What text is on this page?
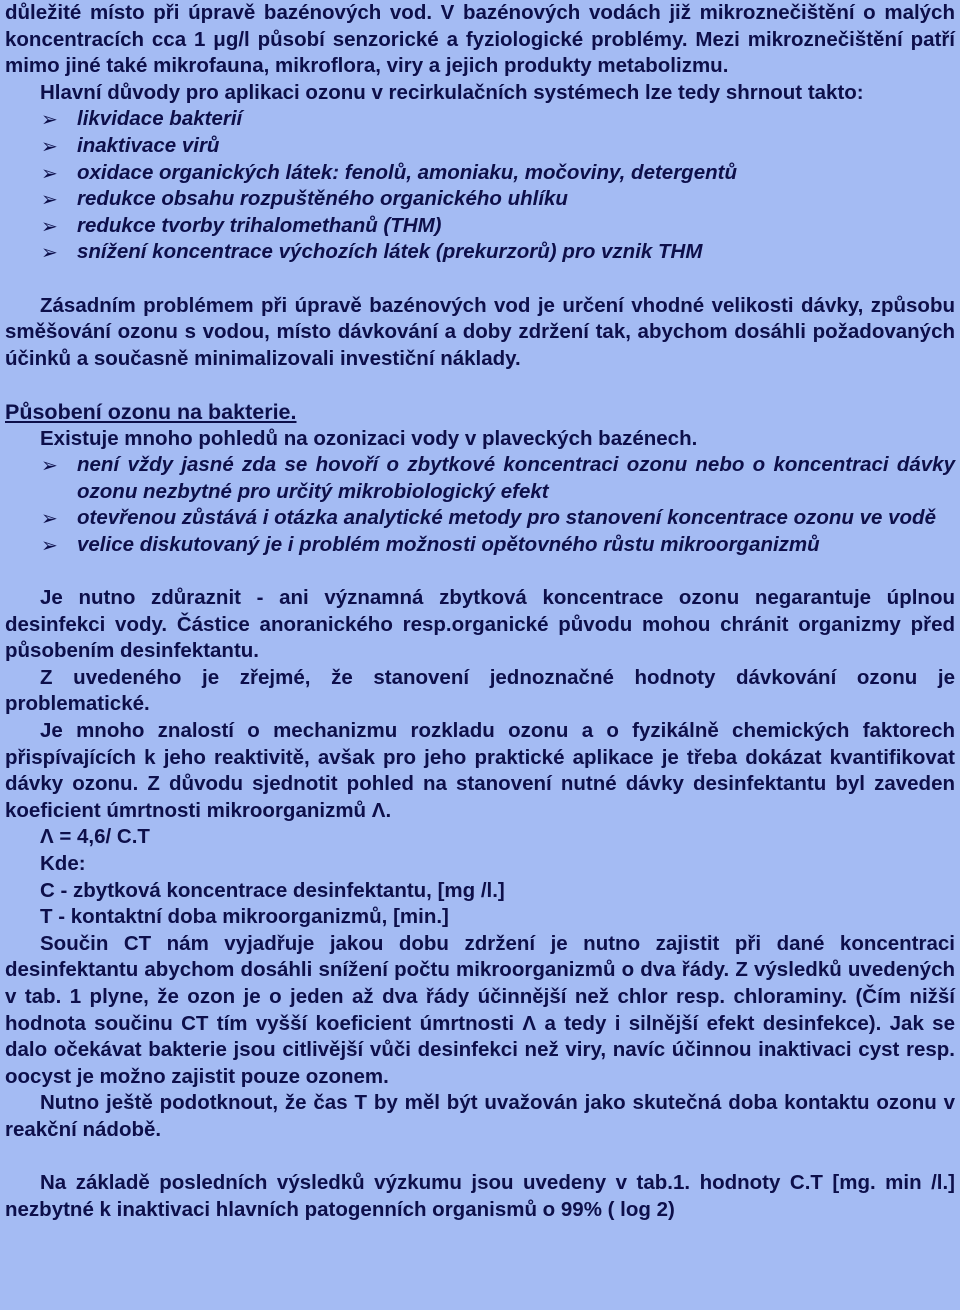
důležité místo při úpravě bazénových vod. V bazénových vodách již mikroznečištění o malých koncentracích cca 1 μg/l působí senzorické a fyziologické problémy. Mezi mikroznečištění patří mimo jiné také mikrofauna, mikroflora, viry a jejich produkty metabolizmu.

Hlavní důvody pro aplikaci ozonu v recirkulačních systémech lze tedy shrnout takto:

➢ likvidace bakterií
➢ inaktivace virů
➢ oxidace organických látek: fenolů, amoniaku, močoviny, detergentů
➢ redukce obsahu rozpuštěného organického uhlíku
➢ redukce tvorby trihalomethanů (THM)
➢ snížení koncentrace výchozích látek (prekurzorů) pro vznik THM

Zásadním problémem při úpravě bazénových vod je určení vhodné velikosti dávky, způsobu směšování ozonu s vodou, místo dávkování a doby zdržení tak, abychom dosáhli požadovaných účinků a současně minimalizovali investiční náklady.

Působení ozonu na bakterie.

Existuje mnoho pohledů na ozonizaci vody v plaveckých bazénech.

➢ není vždy jasné zda se hovoří o zbytkové koncentraci ozonu nebo o koncentraci dávky ozonu nezbytné pro určitý mikrobiologický efekt
➢ otevřenou zůstává i otázka analytické metody pro stanovení koncentrace ozonu ve vodě
➢ velice diskutovaný je i problém možnosti opětovného růstu mikroorganizmů

Je nutno zdůraznit - ani významná zbytková koncentrace ozonu negarantuje úplnou desinfekci vody. Částice anoranického resp.organické původu mohou chránit organizmy před působením desinfektantu.

Z uvedeného je zřejmé, že stanovení jednoznačné hodnoty dávkování ozonu je problematické.

Je mnoho znalostí o mechanizmu rozkladu ozonu a o fyzikálně chemických faktorech přispívajících k jeho reaktivitě, avšak pro jeho praktické aplikace je třeba dokázat kvantifikovat dávky ozonu. Z důvodu sjednotit pohled na stanovení nutné dávky desinfektantu byl zaveden koeficient úmrtnosti mikroorganizmů Λ.

Λ = 4,6/ C.T

Kde:

C - zbytková koncentrace desinfektantu, [mg /l.]

T - kontaktní doba mikroorganizmů, [min.]

Součin CT nám vyjadřuje jakou dobu zdržení je nutno zajistit při dané koncentraci desinfektantu abychom dosáhli snížení počtu mikroorganizmů o dva řády. Z výsledků uvedených v tab. 1 plyne, že ozon je o jeden až dva řády účinnější než chlor resp. chloraminy. (Čím nižší hodnota součinu CT tím vyšší koeficient úmrtnosti Λ a tedy i silnější efekt desinfekce). Jak se dalo očekávat bakterie jsou citlivější vůči desinfekci než viry, navíc účinnou inaktivaci cyst resp. oocyst je možno zajistit pouze ozonem.

Nutno ještě podotknout, že čas T by měl být uvažován jako skutečná doba kontaktu ozonu v reakční nádobě.

Na základě posledních výsledků výzkumu jsou uvedeny v tab.1. hodnoty C.T [mg. min /l.] nezbytné k inaktivaci hlavních patogenních organismů o 99% ( log 2)
